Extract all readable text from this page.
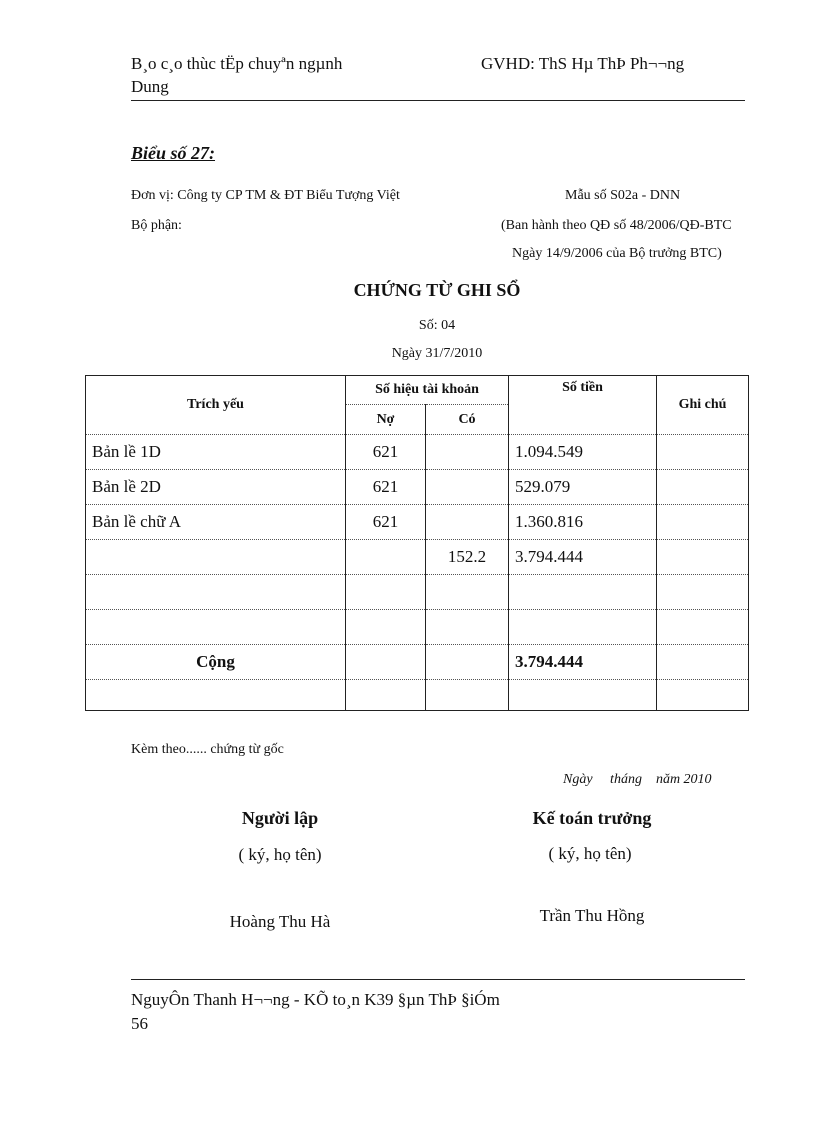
B¸o c¸o thùc tËp chuyªn ngµnh
Dung
GVHD: ThS Hµ ThÞ Ph¬¬ng
Biểu số 27:
Đơn vị: Công ty CP TM & ĐT Biểu Tượng Việt
Bộ phận:
Mẫu số S02a - DNN
(Ban hành theo QĐ số 48/2006/QĐ-BTC
Ngày 14/9/2006 của Bộ trưởng BTC)
CHỨNG TỪ GHI SỔ
Số: 04
Ngày 31/7/2010
Trích yếu	Số hiệu tài khoản		Số tiền	Ghi chú
	Nợ	Có		
Bản lề 1D	621		1.094.549	
Bản lề 2D	621		529.079	
Bản lề chữ A	621		1.360.816	
		152.2	3.794.444	

Cộng			3.794.444	

Kèm theo...... chứng từ gốc
Ngày     tháng    năm 2010
Người lập
( ký, họ tên)
Hoàng Thu Hà
Kế toán trưởng
( ký, họ tên)
Trần Thu Hồng
NguyÔn Thanh H¬¬ng - KÕ to¸n K39 §µn ThÞ §iÓm
56
